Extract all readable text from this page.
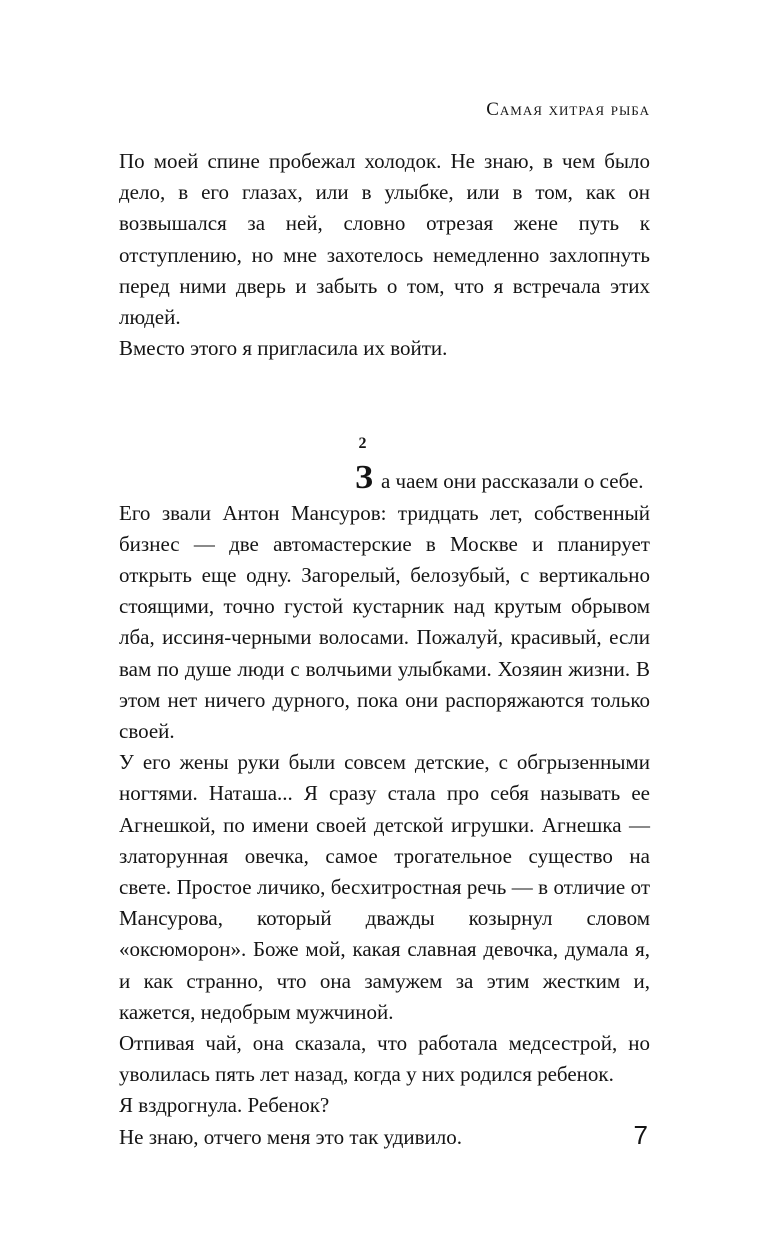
Самая хитрая рыба

По моей спине пробежал холодок. Не знаю, в чем было дело, в его глазах, или в улыбке, или в том, как он возвышался за ней, словно отрезая жене путь к отступлению, но мне захотелось немедленно захлопнуть перед ними дверь и забыть о том, что я встречала этих людей.

Вместо этого я пригласила их войти.

2

За чаем они рассказали о себе.

Его звали Антон Мансуров: тридцать лет, собственный бизнес — две автомастерские в Москве и планирует открыть еще одну. Загорелый, белозубый, с вертикально стоящими, точно густой кустарник над крутым обрывом лба, иссиня-черными волосами. Пожалуй, красивый, если вам по душе люди с волчьими улыбками. Хозяин жизни. В этом нет ничего дурного, пока они распоряжаются только своей.

У его жены руки были совсем детские, с обгрызенными ногтями. Наташа... Я сразу стала про себя называть ее Агнешкой, по имени своей детской игрушки. Агнешка — златорунная овечка, самое трогательное существо на свете. Простое личико, бесхитростная речь — в отличие от Мансурова, который дважды козырнул словом «оксюморон». Боже мой, какая славная девочка, думала я, и как странно, что она замужем за этим жестким и, кажется, недобрым мужчиной.

Отпивая чай, она сказала, что работала медсестрой, но уволилась пять лет назад, когда у них родился ребенок.

Я вздрогнула. Ребенок?

Не знаю, отчего меня это так удивило.	7
